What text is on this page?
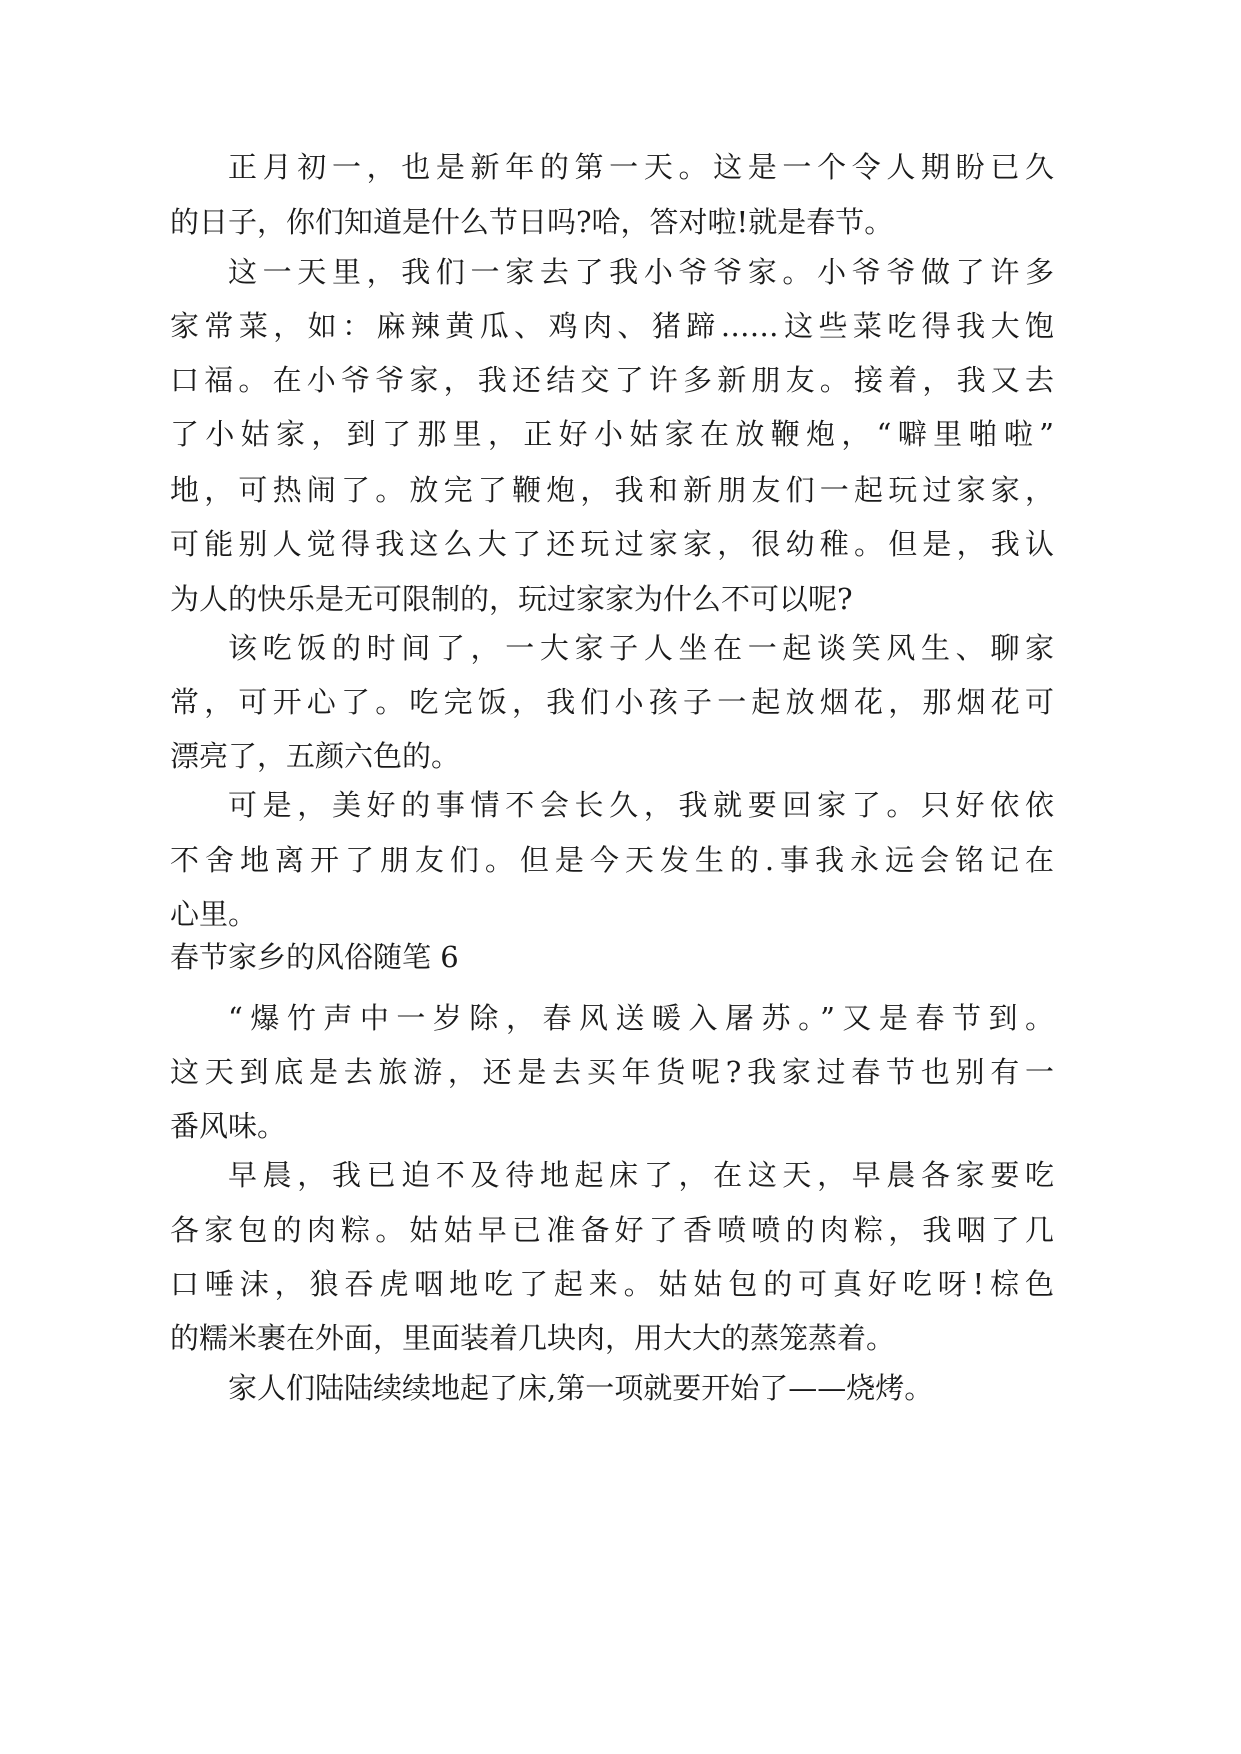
正月初一，也是新年的第一天。这是一个令人期盼已久
的日子，你们知道是什么节日吗?哈，答对啦!就是春节。
这一天里，我们一家去了我小爷爷家。小爷爷做了许多
家常菜，如：麻辣黄瓜、鸡肉、猪蹄……这些菜吃得我大饱
口福。在小爷爷家，我还结交了许多新朋友。接着，我又去
了小姑家，到了那里，正好小姑家在放鞭炮，“噼里啪啦”
地，可热闹了。放完了鞭炮，我和新朋友们一起玩过家家，
可能别人觉得我这么大了还玩过家家，很幼稚。但是，我认
为人的快乐是无可限制的，玩过家家为什么不可以呢?
该吃饭的时间了，一大家子人坐在一起谈笑风生、聊家
常，可开心了。吃完饭，我们小孩子一起放烟花，那烟花可
漂亮了，五颜六色的。
可是，美好的事情不会长久，我就要回家了。只好依依
不舍地离开了朋友们。但是今天发生的.事我永远会铭记在
心里。
春节家乡的风俗随笔 6
“爆竹声中一岁除，春风送暖入屠苏。”又是春节到。
这天到底是去旅游，还是去买年货呢?我家过春节也别有一
番风味。
早晨，我已迫不及待地起床了，在这天，早晨各家要吃
各家包的肉粽。姑姑早已准备好了香喷喷的肉粽，我咽了几
口唾沫，狼吞虎咽地吃了起来。姑姑包的可真好吃呀!棕色
的糯米裹在外面，里面装着几块肉，用大大的蒸笼蒸着。
家人们陆陆续续地起了床,第一项就要开始了——烧烤。
